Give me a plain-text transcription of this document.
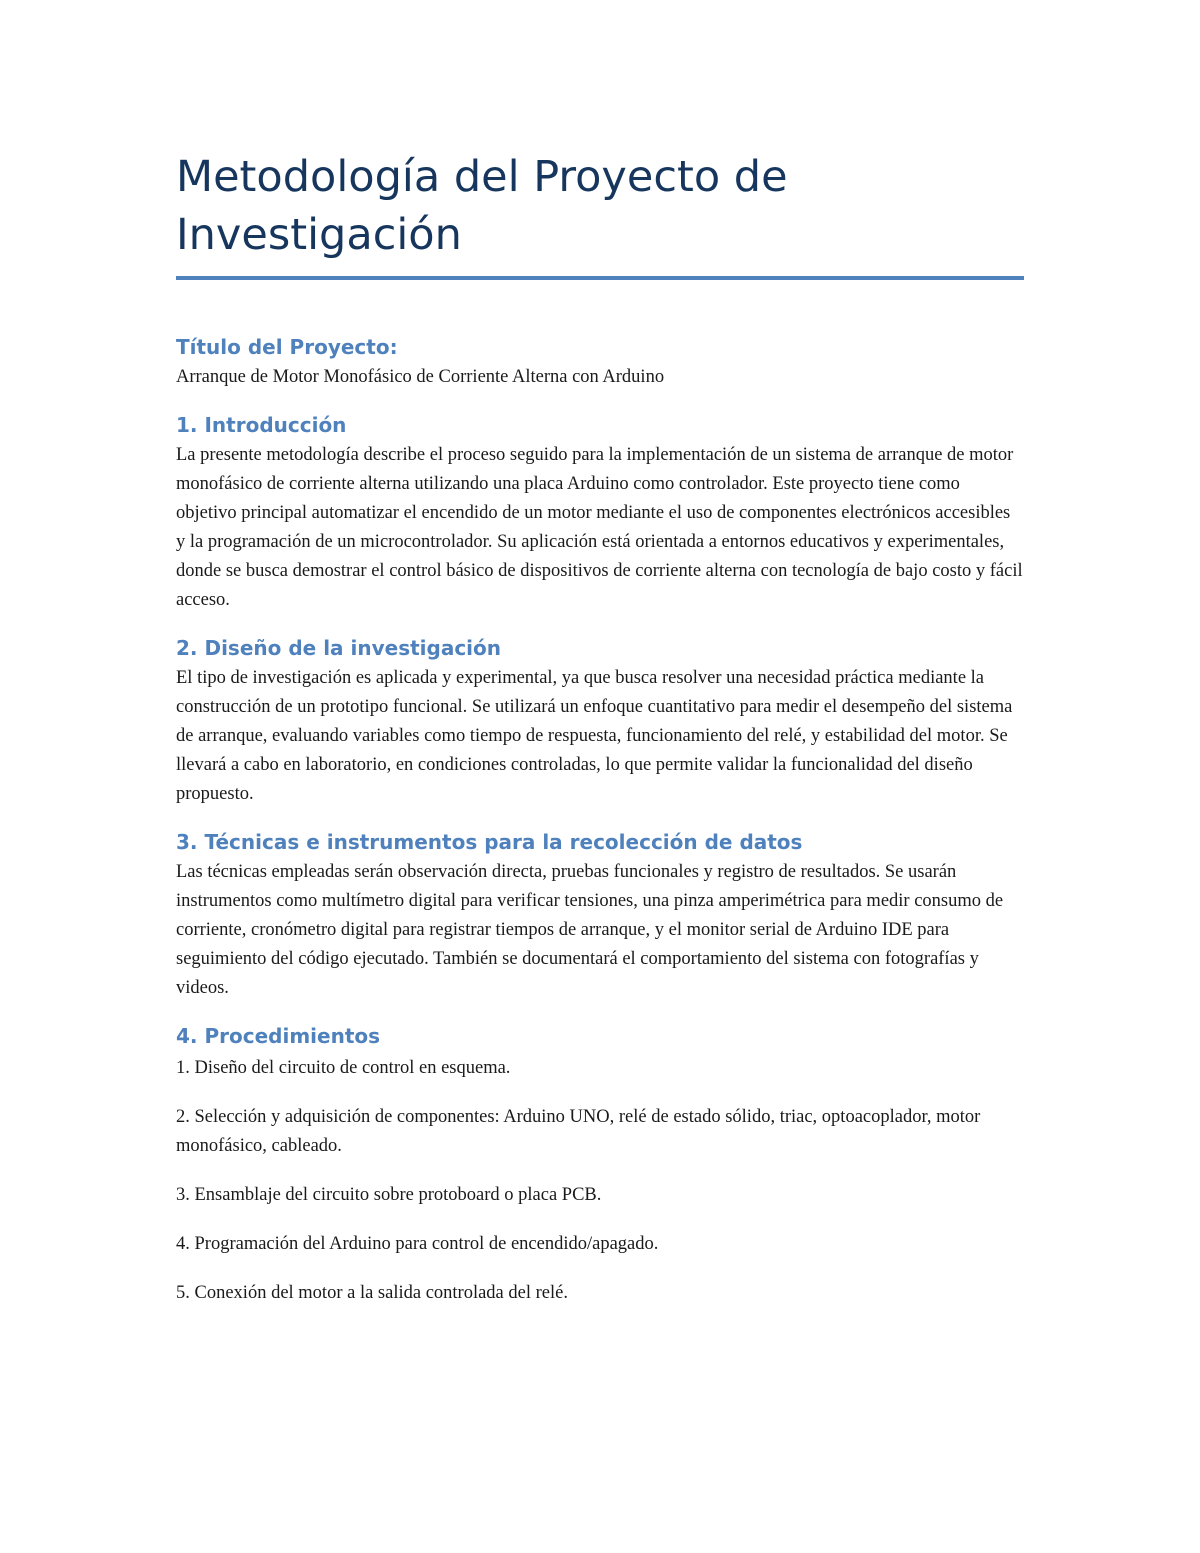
Metodología del Proyecto de
Investigación
Título del Proyecto:

Arranque de Motor Monofásico de Corriente Alterna con Arduino

1. Introducción

La presente metodología describe el proceso seguido para la implementación de un sistema de arranque de motor monofásico de corriente alterna utilizando una placa Arduino como controlador. Este proyecto tiene como objetivo principal automatizar el encendido de un motor mediante el uso de componentes electrónicos accesibles y la programación de un microcontrolador. Su aplicación está orientada a entornos educativos y experimentales, donde se busca demostrar el control básico de dispositivos de corriente alterna con tecnología de bajo costo y fácil acceso.

2. Diseño de la investigación

El tipo de investigación es aplicada y experimental, ya que busca resolver una necesidad práctica mediante la construcción de un prototipo funcional. Se utilizará un enfoque cuantitativo para medir el desempeño del sistema de arranque, evaluando variables como tiempo de respuesta, funcionamiento del relé, y estabilidad del motor. Se llevará a cabo en laboratorio, en condiciones controladas, lo que permite validar la funcionalidad del diseño propuesto.

3. Técnicas e instrumentos para la recolección de datos

Las técnicas empleadas serán observación directa, pruebas funcionales y registro de resultados. Se usarán instrumentos como multímetro digital para verificar tensiones, una pinza amperimétrica para medir consumo de corriente, cronómetro digital para registrar tiempos de arranque, y el monitor serial de Arduino IDE para seguimiento del código ejecutado. También se documentará el comportamiento del sistema con fotografías y videos.

4. Procedimientos

1. Diseño del circuito de control en esquema.

2. Selección y adquisición de componentes: Arduino UNO, relé de estado sólido, triac, optoacoplador, motor monofásico, cableado.

3. Ensamblaje del circuito sobre protoboard o placa PCB.

4. Programación del Arduino para control de encendido/apagado.

5. Conexión del motor a la salida controlada del relé.
